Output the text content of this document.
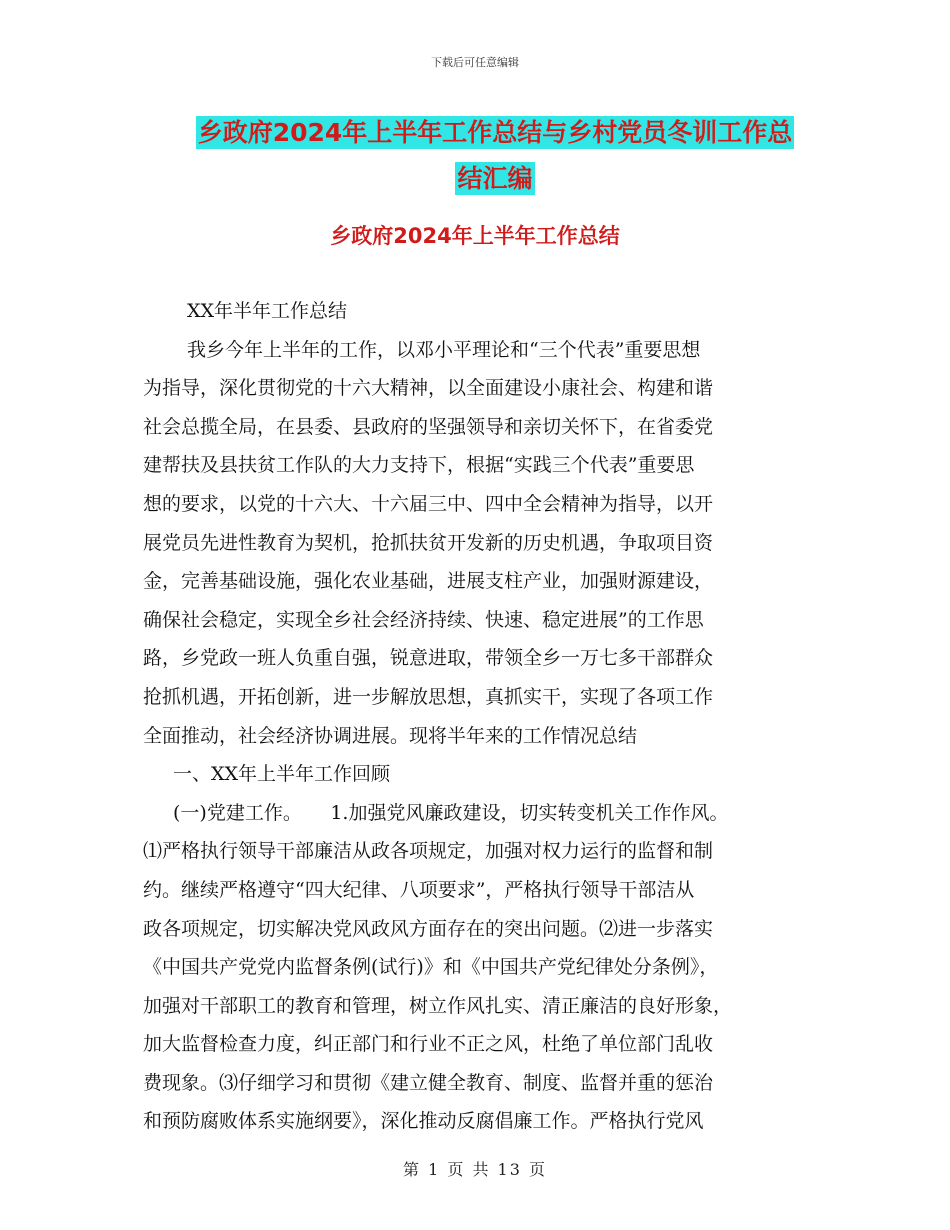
下载后可任意编辑
乡政府2024年上半年工作总结与乡村党员冬训工作总
结汇编
乡政府2024年上半年工作总结
XX年半年工作总结
我乡今年上半年的工作，以邓小平理论和“三个代表”重要思想
为指导，深化贯彻党的十六大精神，以全面建设小康社会、构建和谐
社会总揽全局，在县委、县政府的坚强领导和亲切关怀下，在省委党
建帮扶及县扶贫工作队的大力支持下，根据“实践三个代表”重要思
想的要求，以党的十六大、十六届三中、四中全会精神为指导，以开
展党员先进性教育为契机，抢抓扶贫开发新的历史机遇，争取项目资
金，完善基础设施，强化农业基础，进展支柱产业，加强财源建设，
确保社会稳定，实现全乡社会经济持续、快速、稳定进展”的工作思
路，乡党政一班人负重自强，锐意进取，带领全乡一万七多干部群众
抢抓机遇，开拓创新，进一步解放思想，真抓实干，实现了各项工作
全面推动，社会经济协调进展。现将半年来的工作情况总结
一、XX年上半年工作回顾
(一)党建工作。　　1.加强党风廉政建设，切实转变机关工作作风。
⑴严格执行领导干部廉洁从政各项规定，加强对权力运行的监督和制
约。继续严格遵守“四大纪律、八项要求”，严格执行领导干部洁从
政各项规定，切实解决党风政风方面存在的突出问题。⑵进一步落实
《中国共产党党内监督条例(试行)》和《中国共产党纪律处分条例》，
加强对干部职工的教育和管理，树立作风扎实、清正廉洁的良好形象，
加大监督检查力度，纠正部门和行业不正之风，杜绝了单位部门乱收
费现象。⑶仔细学习和贯彻《建立健全教育、制度、监督并重的惩治
和预防腐败体系实施纲要》，深化推动反腐倡廉工作。严格执行党风
第 1 页 共 13 页
